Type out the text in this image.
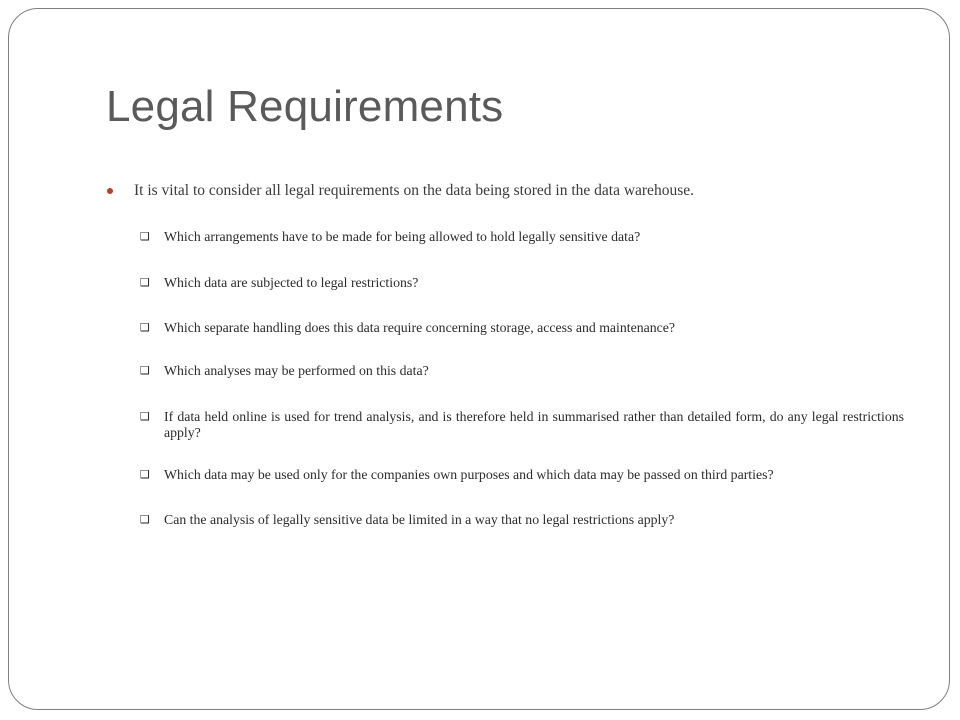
Legal Requirements
It is vital to consider all legal requirements on the data being stored in the data warehouse.
❑	Which arrangements have to be made for being allowed to hold legally sensitive data?
❑	Which data are subjected to legal restrictions?
❑	Which separate handling does this data require concerning storage, access and maintenance?
❑	Which analyses may be performed on this data?
❑	If data held online is used for trend analysis, and is therefore held in summarised rather than detailed form, do any legal restrictions apply?
❑	Which data may be used only for the companies own purposes and which data may be passed on third parties?
❑	Can the analysis of legally sensitive data be limited in a way that no legal restrictions apply?
